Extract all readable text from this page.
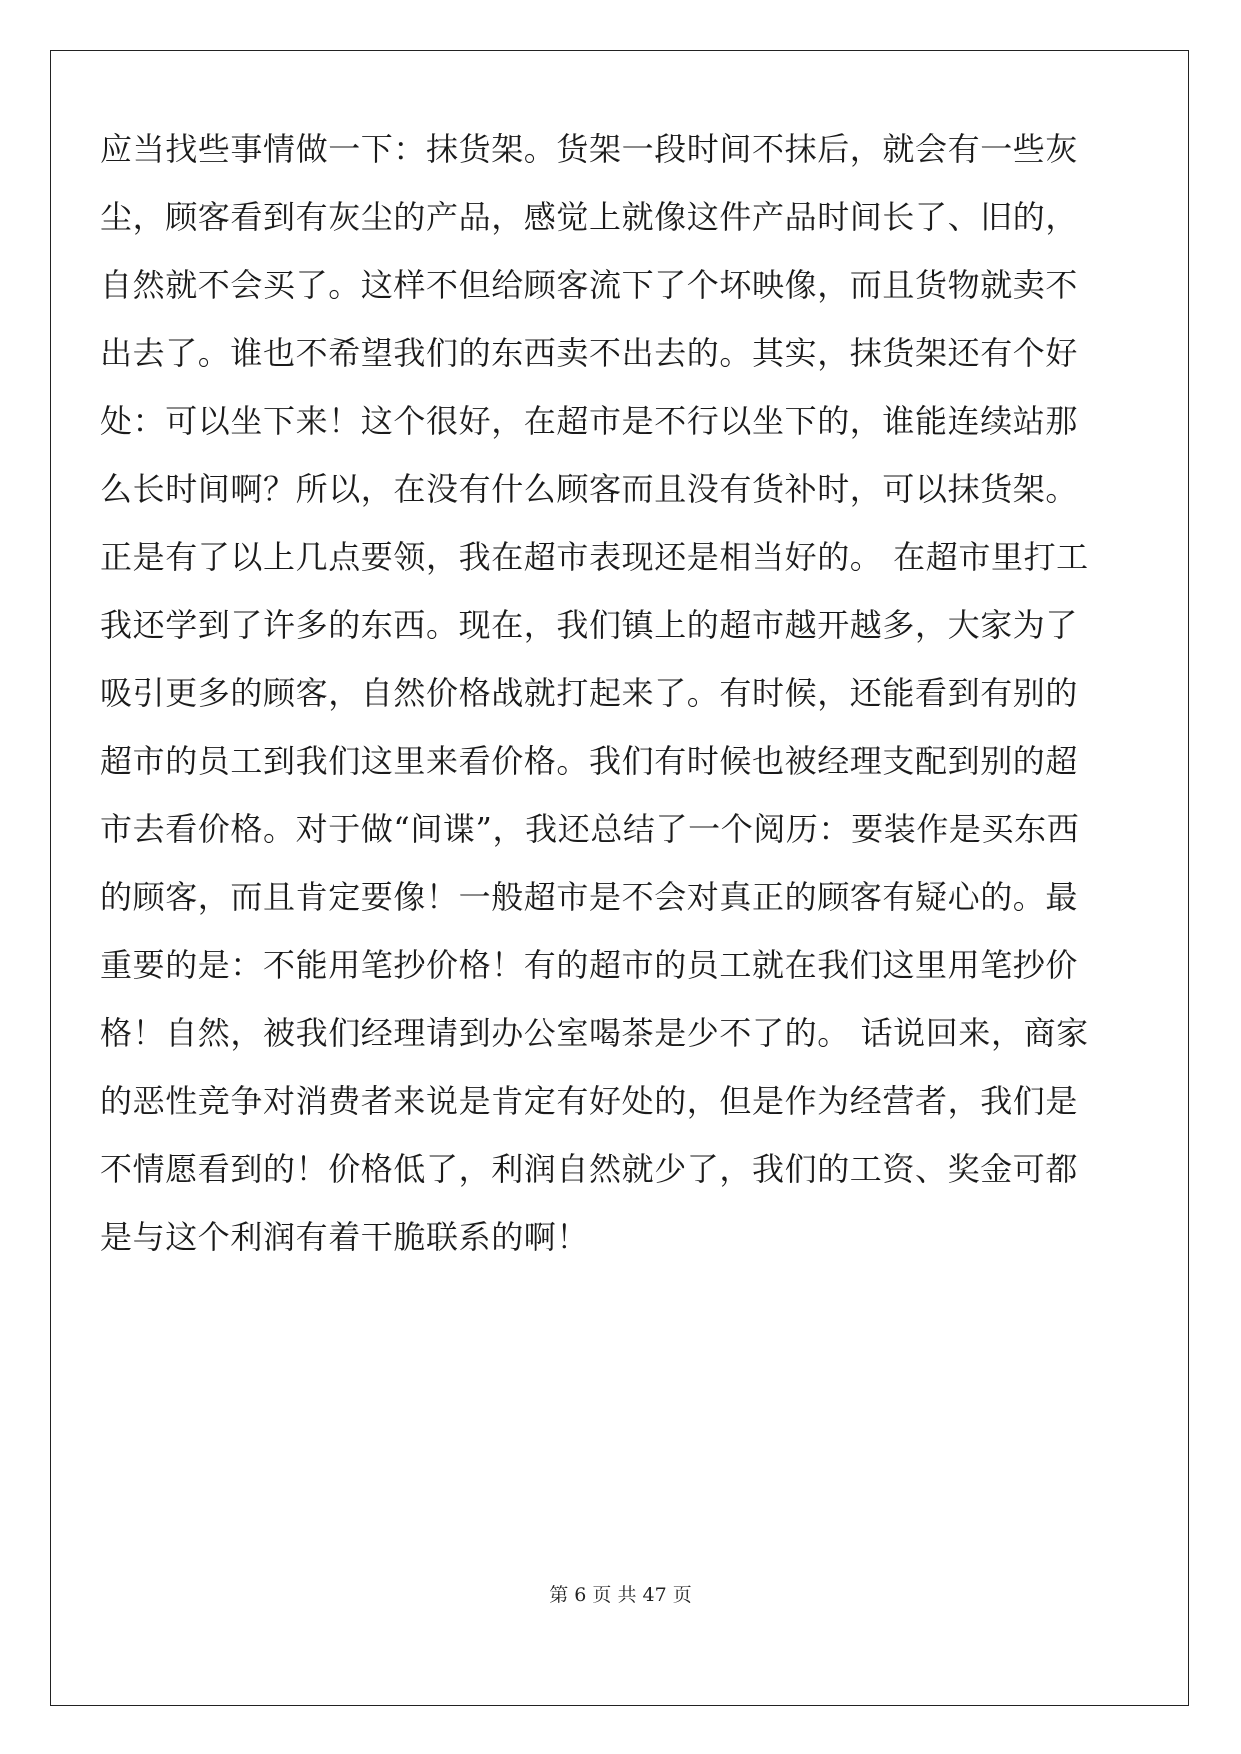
应当找些事情做一下：抹货架。货架一段时间不抹后，就会有一些灰
尘，顾客看到有灰尘的产品，感觉上就像这件产品时间长了、旧的，
自然就不会买了。这样不但给顾客流下了个坏映像，而且货物就卖不
出去了。谁也不希望我们的东西卖不出去的。其实，抹货架还有个好
处：可以坐下来！这个很好，在超市是不行以坐下的，谁能连续站那
么长时间啊？所以，在没有什么顾客而且没有货补时，可以抹货架。
正是有了以上几点要领，我在超市表现还是相当好的。 在超市里打工
我还学到了许多的东西。现在，我们镇上的超市越开越多，大家为了
吸引更多的顾客，自然价格战就打起来了。有时候，还能看到有别的
超市的员工到我们这里来看价格。我们有时候也被经理支配到别的超
市去看价格。对于做“间谍”，我还总结了一个阅历：要装作是买东西
的顾客，而且肯定要像！一般超市是不会对真正的顾客有疑心的。最
重要的是：不能用笔抄价格！有的超市的员工就在我们这里用笔抄价
格！自然，被我们经理请到办公室喝茶是少不了的。 话说回来，商家
的恶性竞争对消费者来说是肯定有好处的，但是作为经营者，我们是
不情愿看到的！价格低了，利润自然就少了，我们的工资、奖金可都
是与这个利润有着干脆联系的啊！
第 6 页 共 47 页
